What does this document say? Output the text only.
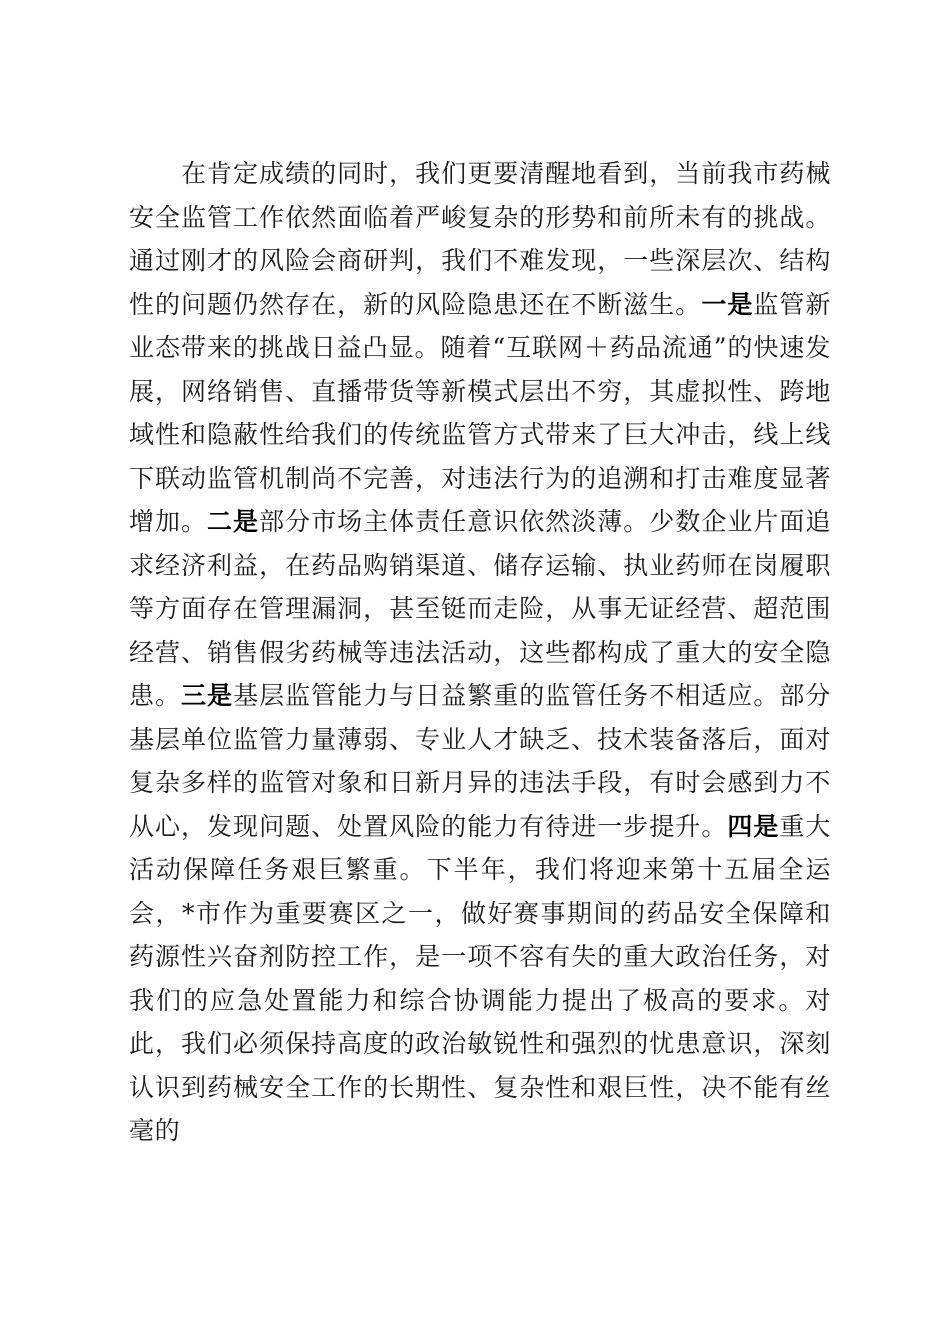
在肯定成绩的同时，我们更要清醒地看到，当前我市药械安全监管工作依然面临着严峻复杂的形势和前所未有的挑战。通过刚才的风险会商研判，我们不难发现，一些深层次、结构性的问题仍然存在，新的风险隐患还在不断滋生。一是监管新业态带来的挑战日益凸显。随着“互联网＋药品流通”的快速发展，网络销售、直播带货等新模式层出不穷，其虚拟性、跨地域性和隐蔽性给我们的传统监管方式带来了巨大冲击，线上线下联动监管机制尚不完善，对违法行为的追溯和打击难度显著增加。二是部分市场主体责任意识依然淡薄。少数企业片面追求经济利益，在药品购销渠道、储存运输、执业药师在岗履职等方面存在管理漏洞，甚至铤而走险，从事无证经营、超范围经营、销售假劣药械等违法活动，这些都构成了重大的安全隐患。三是基层监管能力与日益繁重的监管任务不相适应。部分基层单位监管力量薄弱、专业人才缺乏、技术装备落后，面对复杂多样的监管对象和日新月异的违法手段，有时会感到力不从心，发现问题、处置风险的能力有待进一步提升。四是重大活动保障任务艰巨繁重。下半年，我们将迎来第十五届全运会，*市作为重要赛区之一，做好赛事期间的药品安全保障和药源性兴奋剂防控工作，是一项不容有失的重大政治任务，对我们的应急处置能力和综合协调能力提出了极高的要求。对此，我们必须保持高度的政治敏锐性和强烈的忧患意识，深刻认识到药械安全工作的长期性、复杂性和艰巨性，决不能有丝毫的
